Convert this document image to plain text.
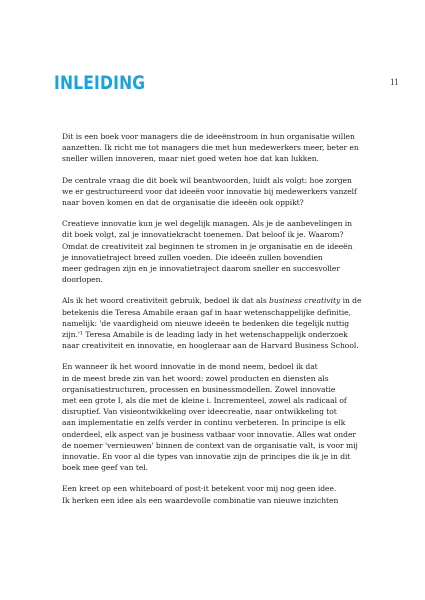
INLEIDING	11

Dit is een boek voor managers die de ideeënstroom in hun organisatie willen
aanzetten. Ik richt me tot managers die met hun medewerkers meer, beter en
sneller willen innoveren, maar niet goed weten hoe dat kan lukken.

De centrale vraag die dit boek wil beantwoorden, luidt als volgt: hoe zorgen
we er gestructureerd voor dat ideeën voor innovatie bij medewerkers vanzelf
naar boven komen en dat de organisatie die ideeën ook oppikt?

Creatieve innovatie kun je wel degelijk managen. Als je de aanbevelingen in
dit boek volgt, zal je innovatiekracht toenemen. Dat beloof ik je. Waarom?
Omdat de creativiteit zal beginnen te stromen in je organisatie en de ideeën
je innovatietraject breed zullen voeden. Die ideeën zullen bovendien
meer gedragen zijn en je innovatietraject daarom sneller en succesvoller
doorlopen.

Als ik het woord creativiteit gebruik, bedoel ik dat als business creativity in de
betekenis die Teresa Amabile eraan gaf in haar wetenschappelijke definitie,
namelijk: 'de vaardigheid om nieuwe ideeën te bedenken die tegelijk nuttig
zijn.'¹ Teresa Amabile is de leading lady in het wetenschappelijk onderzoek
naar creativiteit en innovatie, en hoogleraar aan de Harvard Business School.

En wanneer ik het woord innovatie in de mond neem, bedoel ik dat
in de meest brede zin van het woord: zowel producten en diensten als
organisatiestructuren, processen en businessmodellen. Zowel innovatie
met een grote I, als die met de kleine i. Incrementeel, zowel als radicaal of
disruptief. Van visieontwikkeling over ideecreatie, naar ontwikkeling tot
aan implementatie en zelfs verder in continu verbeteren. In principe is elk
onderdeel, elk aspect van je business vatbaar voor innovatie. Alles wat onder
de noemer 'vernieuwen' binnen de context van de organisatie valt, is voor mij
innovatie. En voor al die types van innovatie zijn de principes die ik je in dit
boek mee geef van tel.

Een kreet op een whiteboard of post-it betekent voor mij nog geen idee.
Ik herken een idee als een waardevolle combinatie van nieuwe inzichten
